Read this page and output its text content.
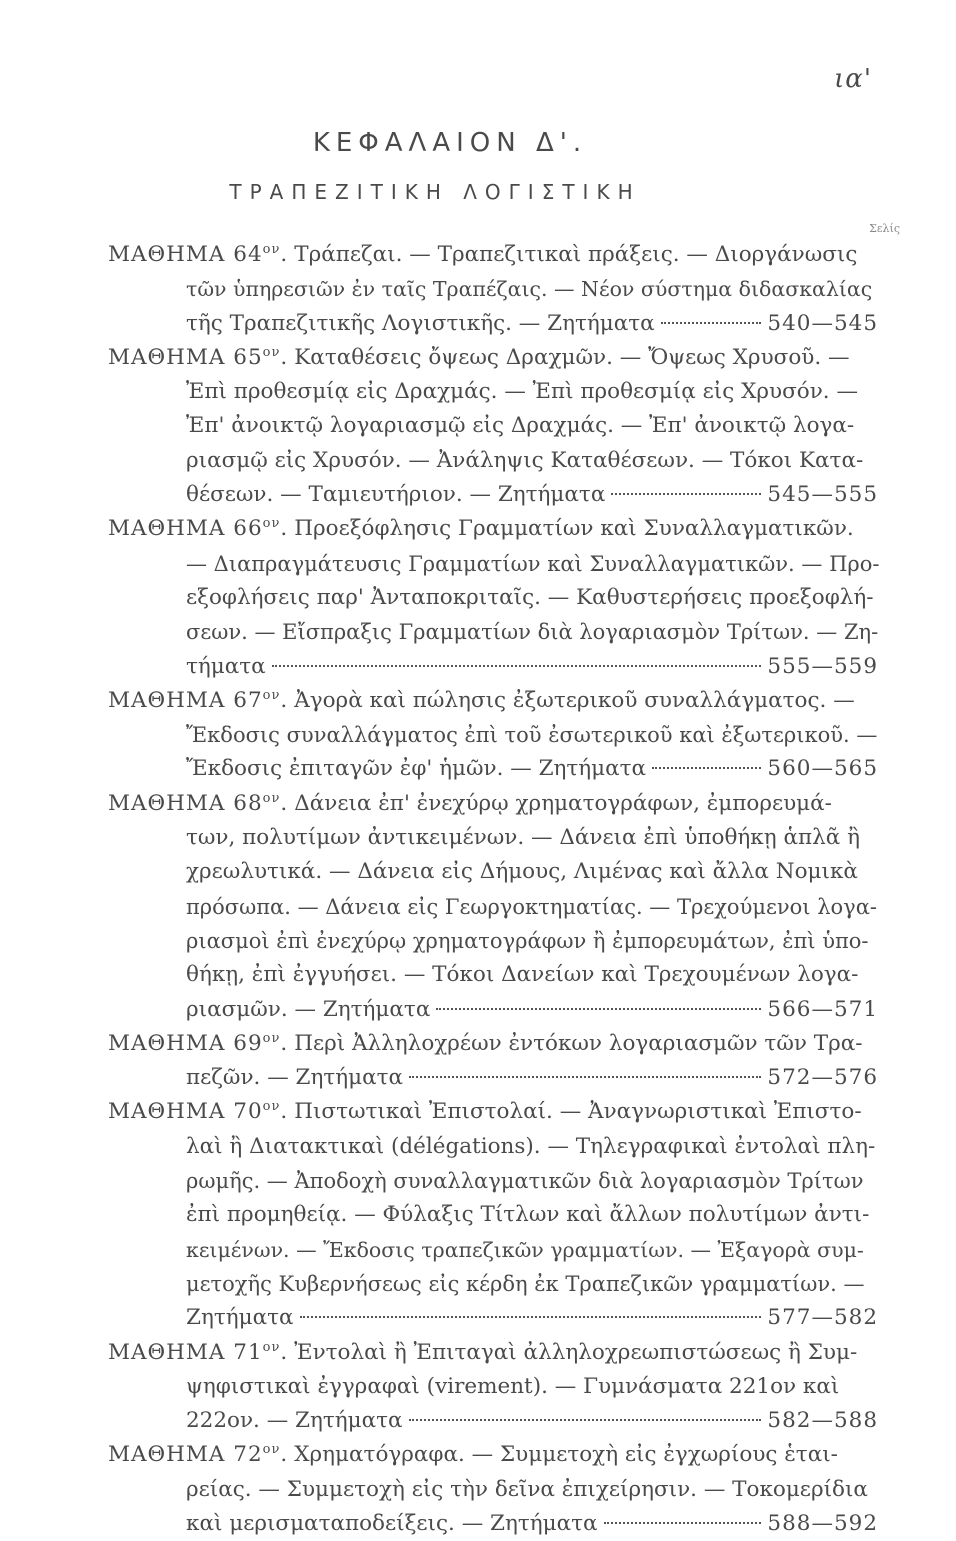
ια'
ΚΕΦΑΛΑΙΟΝ Δ'.
ΤΡΑΠΕΖΙΤΙΚΗ ΛΟΓΙΣΤΙΚΗ
Σελίς
ΜΑΘΗΜΑ $64^{o\nu}$. Τράπεζαι. — Τραπεζιτικαὶ πράξεις. — Διοργάνωσις
τῶν ὑπηρεσιῶν ἐν ταῖς Τραπέζαις. — Νέον σύστημα διδασκαλίας
τῆς Τραπεζιτικῆς Λογιστικῆς. — Ζητήματα	540—545
ΜΑΘΗΜΑ $65^{o\nu}$. Καταθέσεις ὄψεως Δραχμῶν. — Ὄψεως Χρυσοῦ. —
Ἐπὶ προθεσμίᾳ εἰς Δραχμάς. — Ἐπὶ προθεσμίᾳ εἰς Χρυσόν. —
Ἐπ' ἀνοικτῷ λογαριασμῷ εἰς Δραχμάς. — Ἐπ' ἀνοικτῷ λογα-
ριασμῷ εἰς Χρυσόν. — Ἀνάληψις Καταθέσεων. — Τόκοι Κατα-
θέσεων. — Ταμιευτήριον. — Ζητήματα	545—555
ΜΑΘΗΜΑ $66^{o\nu}$. Προεξόφλησις Γραμματίων καὶ Συναλλαγματικῶν.
— Διαπραγμάτευσις Γραμματίων καὶ Συναλλαγματικῶν. — Προ-
εξοφλήσεις παρ' Ἀνταποκριταῖς. — Καθυστερήσεις προεξοφλή-
σεων. — Εἴσπραξις Γραμματίων διὰ λογαριασμὸν Τρίτων. — Ζη-
τήματα	555—559
ΜΑΘΗΜΑ $67^{o\nu}$. Ἀγορὰ καὶ πώλησις ἐξωτερικοῦ συναλλάγματος. —
Ἔκδοσις συναλλάγματος ἐπὶ τοῦ ἐσωτερικοῦ καὶ ἐξωτερικοῦ. —
Ἔκδοσις ἐπιταγῶν ἐφ' ἡμῶν. — Ζητήματα	560—565
ΜΑΘΗΜΑ $68^{o\nu}$. Δάνεια ἐπ' ἐνεχύρῳ χρηματογράφων, ἐμπορευμά-
των, πολυτίμων ἀντικειμένων. — Δάνεια ἐπὶ ὑποθήκῃ ἁπλᾶ ἢ
χρεωλυτικά. — Δάνεια εἰς Δήμους, Λιμένας καὶ ἄλλα Νομικὰ
πρόσωπα. — Δάνεια εἰς Γεωργοκτηματίας. — Τρεχούμενοι λογα-
ριασμοὶ ἐπὶ ἐνεχύρῳ χρηματογράφων ἢ ἐμπορευμάτων, ἐπὶ ὑπο-
θήκῃ, ἐπὶ ἐγγυήσει. — Τόκοι Δανείων καὶ Τρεχουμένων λογα-
ριασμῶν. — Ζητήματα	566—571
ΜΑΘΗΜΑ $69^{o\nu}$. Περὶ Ἀλληλοχρέων ἐντόκων λογαριασμῶν τῶν Τρα-
πεζῶν. — Ζητήματα	572—576
ΜΑΘΗΜΑ $70^{o\nu}$. Πιστωτικαὶ Ἐπιστολαί. — Ἀναγνωριστικαὶ Ἐπιστο-
λαὶ ἢ Διατακτικαὶ (délégations). — Τηλεγραφικαὶ ἐντολαὶ πλη-
ρωμῆς. — Ἀποδοχὴ συναλλαγματικῶν διὰ λογαριασμὸν Τρίτων
ἐπὶ προμηθείᾳ. — Φύλαξις Τίτλων καὶ ἄλλων πολυτίμων ἀντι-
κειμένων. — Ἔκδοσις τραπεζικῶν γραμματίων. — Ἐξαγορὰ συμ-
μετοχῆς Κυβερνήσεως εἰς κέρδη ἐκ Τραπεζικῶν γραμματίων. —
Ζητήματα	577—582
ΜΑΘΗΜΑ $71^{o\nu}$. Ἐντολαὶ ἢ Ἐπιταγαὶ ἀλληλοχρεωπιστώσεως ἢ Συμ-
ψηφιστικαὶ ἐγγραφαὶ (virement). — Γυμνάσματα 221ον καὶ
222ον. — Ζητήματα	582—588
ΜΑΘΗΜΑ $72^{o\nu}$. Χρηματόγραφα. — Συμμετοχὴ εἰς ἐγχωρίους ἑται-
ρείας. — Συμμετοχὴ εἰς τὴν δεῖνα ἐπιχείρησιν. — Τοκομερίδια
καὶ μερισματαποδείξεις. — Ζητήματα	588—592
